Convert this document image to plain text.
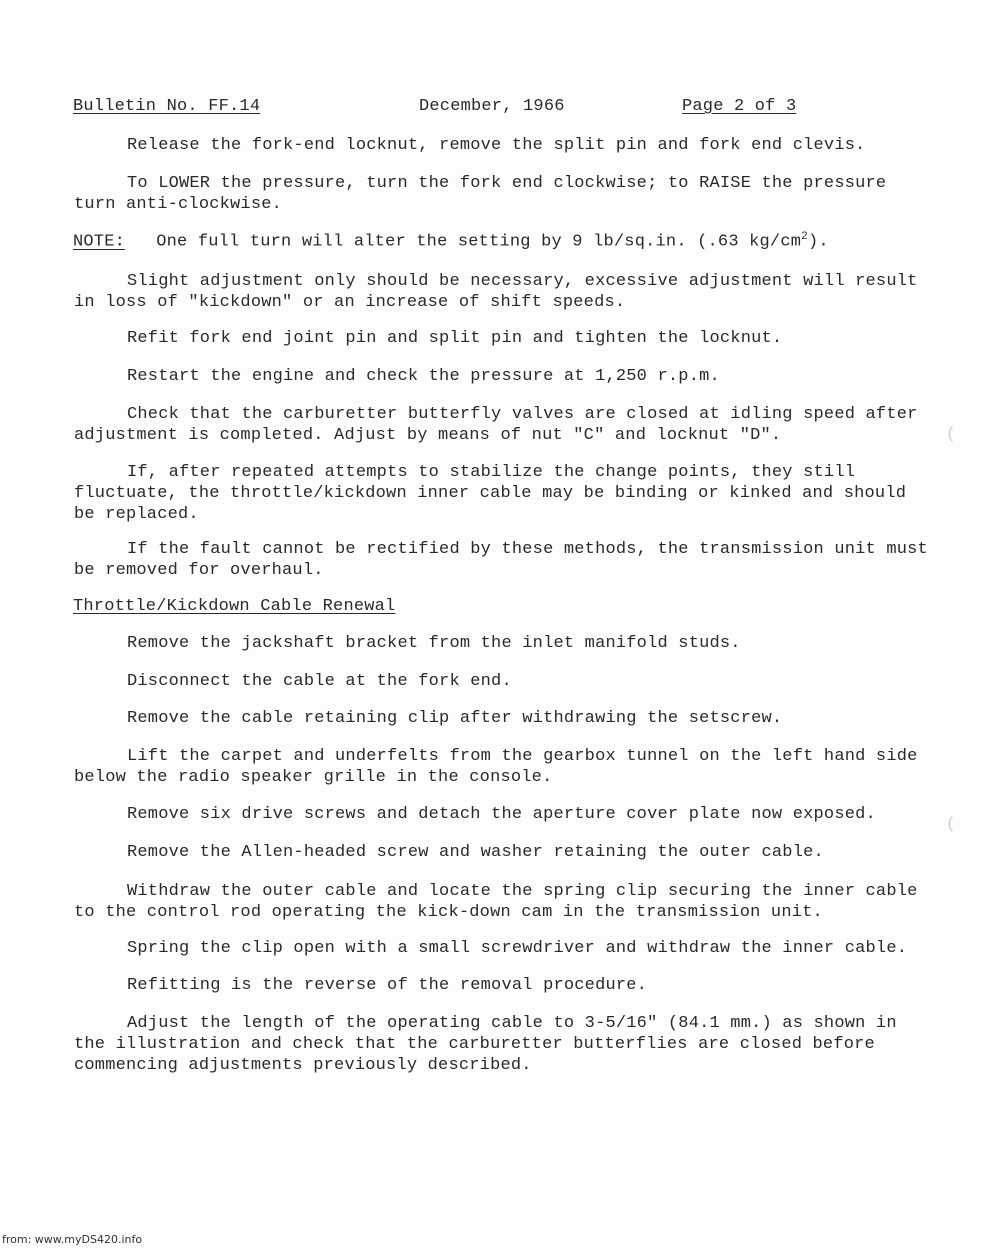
Bulletin No. FF.14	December, 1966	Page 2 of 3
Release the fork-end locknut, remove the split pin and fork end clevis.

To LOWER the pressure, turn the fork end clockwise; to RAISE the pressure turn anti-clockwise.

NOTE: One full turn will alter the setting by 9 lb/sq.in. (.63 $kg/cm^2$).

Slight adjustment only should be necessary, excessive adjustment will result in loss of "kickdown" or an increase of shift speeds.

Refit fork end joint pin and split pin and tighten the locknut.
Restart the engine and check the pressure at 1,250 r.p.m.

Check that the carburetter butterfly valves are closed at idling speed after adjustment is completed. Adjust by means of nut "C" and locknut "D".

If, after repeated attempts to stabilize the change points, they still fluctuate, the throttle/kickdown inner cable may be binding or kinked and should be replaced.

If the fault cannot be rectified by these methods, the transmission unit must be removed for overhaul.

Throttle/Kickdown Cable Renewal
Remove the jackshaft bracket from the inlet manifold studs.
Disconnect the cable at the fork end.
Remove the cable retaining clip after withdrawing the setscrew.

Lift the carpet and underfelts from the gearbox tunnel on the left hand side below the radio speaker grille in the console.

Remove six drive screws and detach the aperture cover plate now exposed.
Remove the Allen-headed screw and washer retaining the outer cable.

Withdraw the outer cable and locate the spring clip securing the inner cable to the control rod operating the kick-down cam in the transmission unit.

Spring the clip open with a small screwdriver and withdraw the inner cable.
Refitting is the reverse of the removal procedure.

Adjust the length of the operating cable to 3-5/16" (84.1 mm.) as shown in the illustration and check that the carburetter butterflies are closed before commencing adjustments previously described.

(
(
from: www.myDS420.info
